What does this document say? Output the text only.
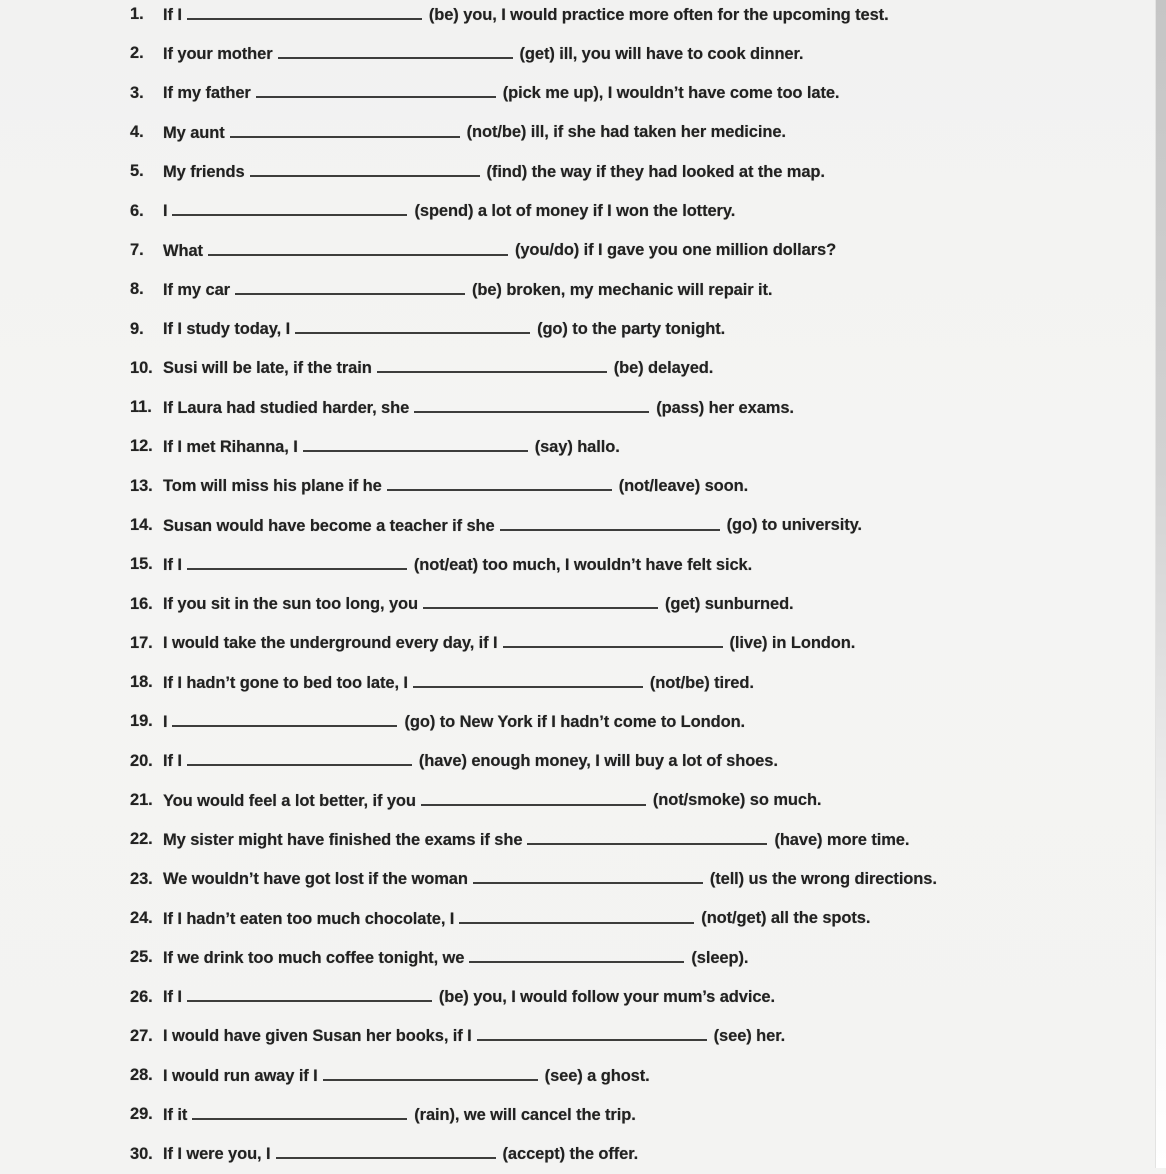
1.	If I	(be) you, I would practice more often for the upcoming test.
2.	If your mother	(get) ill, you will have to cook dinner.
3.	If my father	(pick me up), I wouldn’t have come too late.
4.	My aunt	(not/be) ill, if she had taken her medicine.
5.	My friends	(find) the way if they had looked at the map.
6.	I	(spend) a lot of money if I won the lottery.
7.	What	(you/do) if I gave you one million dollars?
8.	If my car	(be) broken, my mechanic will repair it.
9.	If I study today, I	(go) to the party tonight.
10. Susi will be late, if the train	(be) delayed.
11. If Laura had studied harder, she	(pass) her exams.
12. If I met Rihanna, I	(say) hallo.
13. Tom will miss his plane if he	(not/leave) soon.
14. Susan would have become a teacher if she	(go) to university.
15. If I	(not/eat) too much, I wouldn’t have felt sick.
16. If you sit in the sun too long, you	(get) sunburned.
17. I would take the underground every day, if I	(live) in London.
18. If I hadn’t gone to bed too late, I	(not/be) tired.
19. I	(go) to New York if I hadn’t come to London.
20. If I	(have) enough money, I will buy a lot of shoes.
21. You would feel a lot better, if you	(not/smoke) so much.
22. My sister might have finished the exams if she	(have) more time.
23. We wouldn’t have got lost if the woman	(tell) us the wrong directions.
24. If I hadn’t eaten too much chocolate, I	(not/get) all the spots.
25. If we drink too much coffee tonight, we	(sleep).
26. If I	(be) you, I would follow your mum’s advice.
27. I would have given Susan her books, if I	(see) her.
28. I would run away if I	(see) a ghost.
29. If it	(rain), we will cancel the trip.
30. If I were you, I	(accept) the offer.
